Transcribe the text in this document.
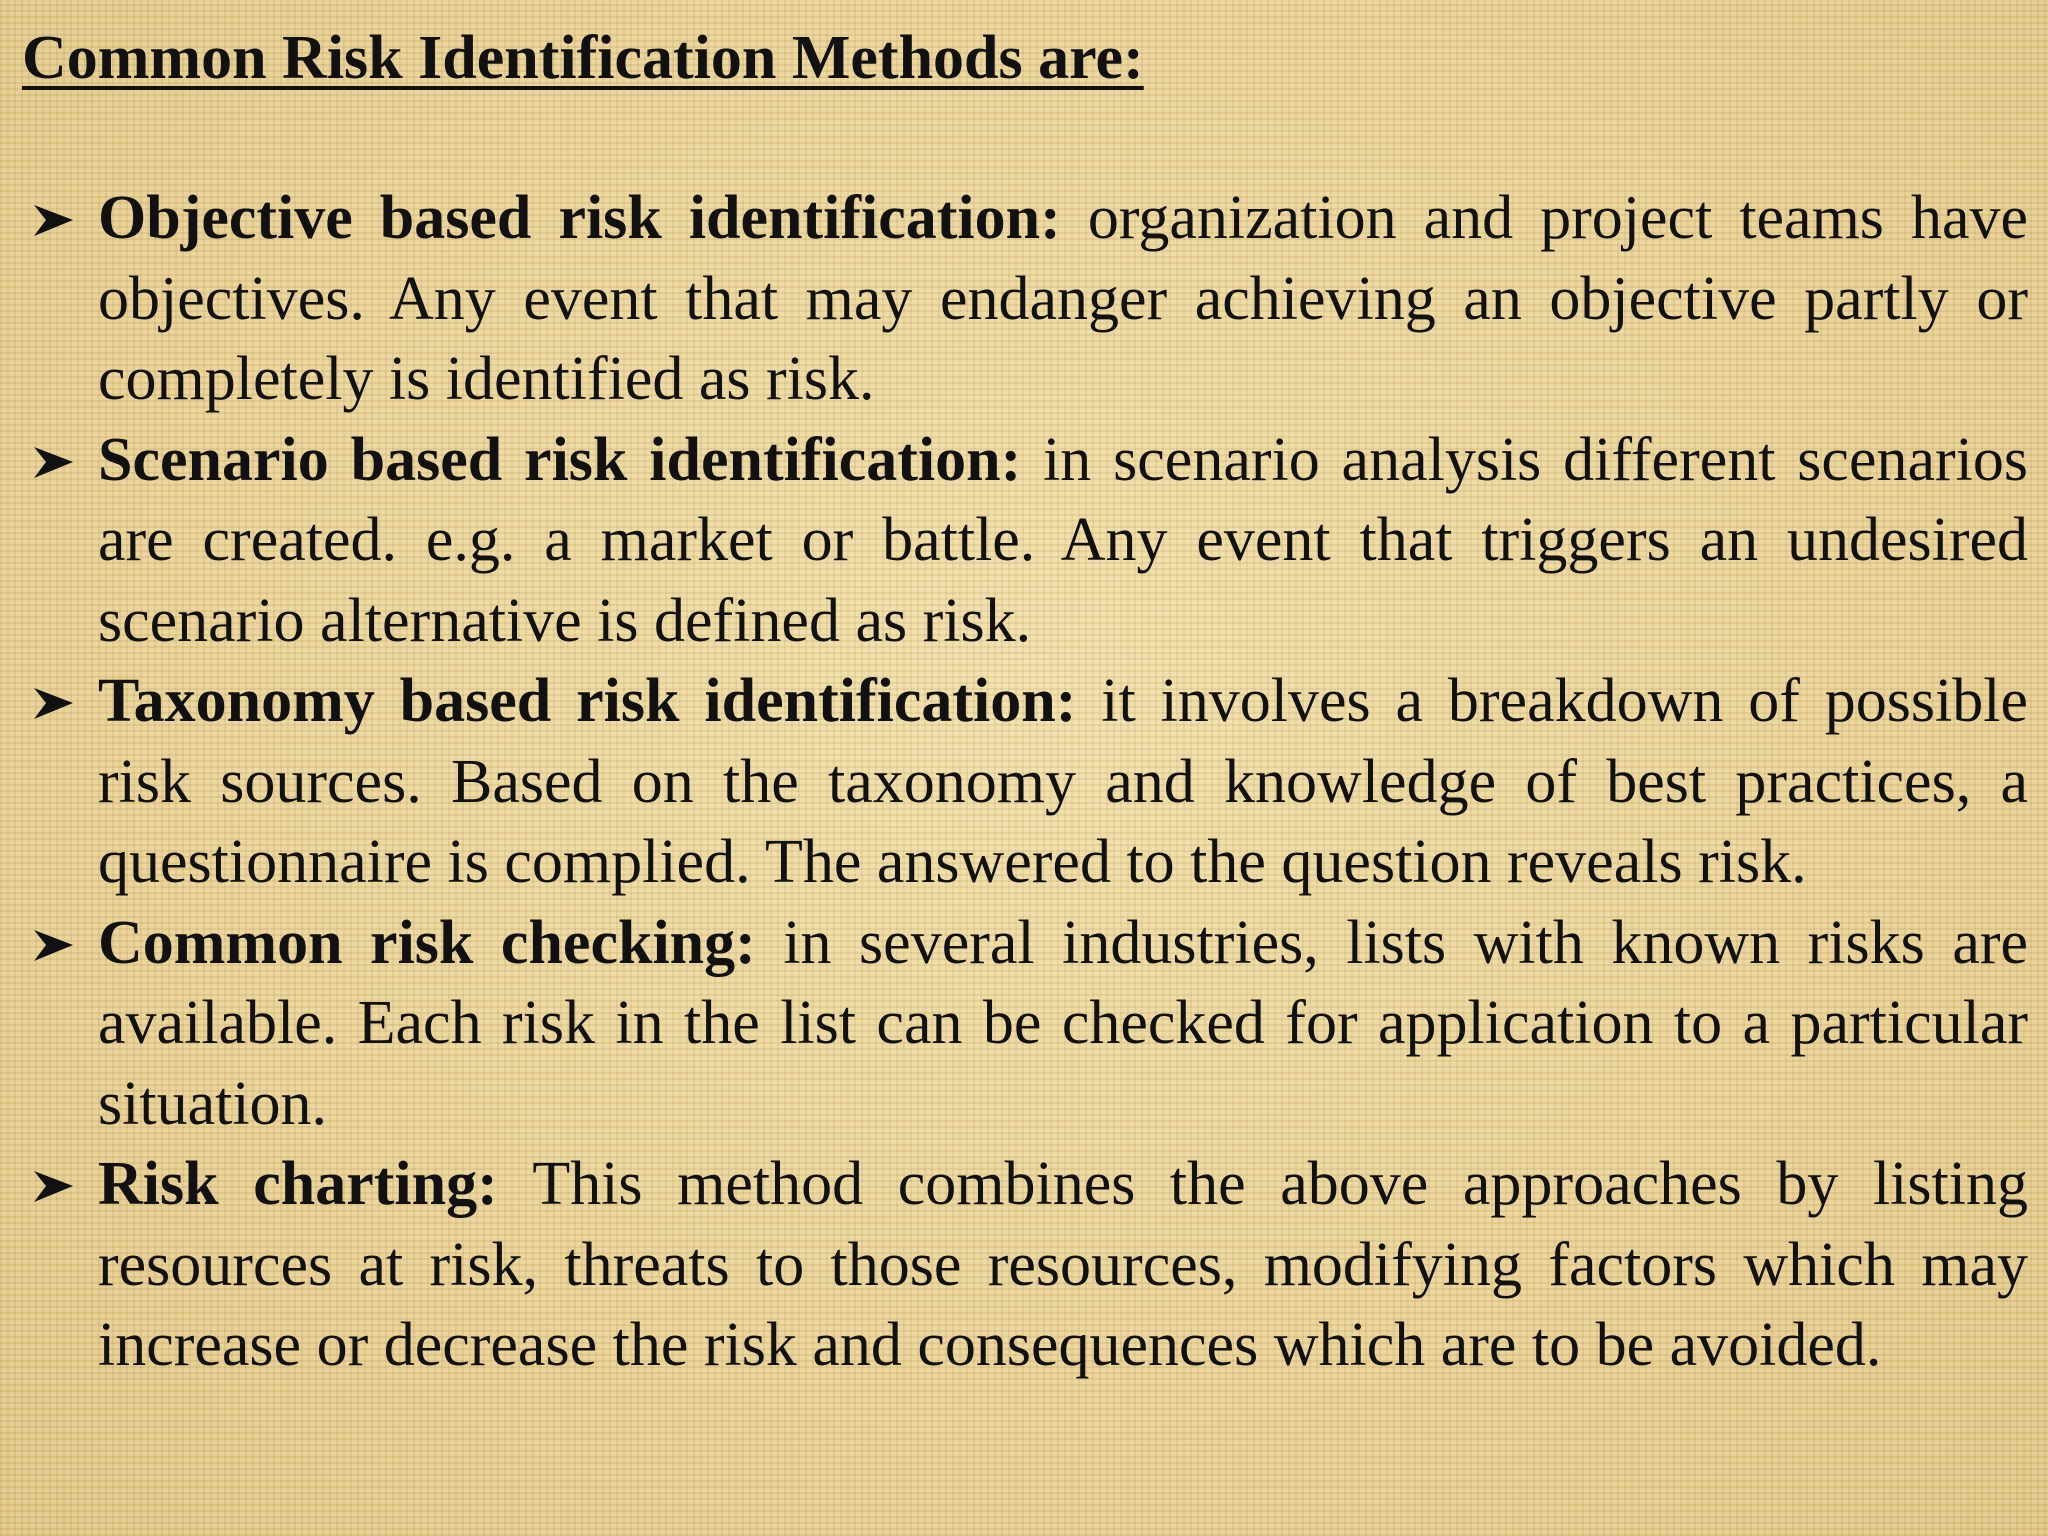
Common Risk Identification Methods are:
Objective based risk identification: organization and project teams have objectives. Any event that may endanger achieving an objective partly or completely is identified as risk.
Scenario based risk identification: in scenario analysis different scenarios are created. e.g. a market or battle. Any event that triggers an undesired scenario alternative is defined as risk.
Taxonomy based risk identification: it involves a breakdown of possible risk sources. Based on the taxonomy and knowledge of best practices, a questionnaire is complied. The answered to the question reveals risk.
Common risk checking: in several industries, lists with known risks are available. Each risk in the list can be checked for application to a particular situation.
Risk charting: This method combines the above approaches by listing resources at risk, threats to those resources, modifying factors which may increase or decrease the risk and consequences which are to be avoided.
